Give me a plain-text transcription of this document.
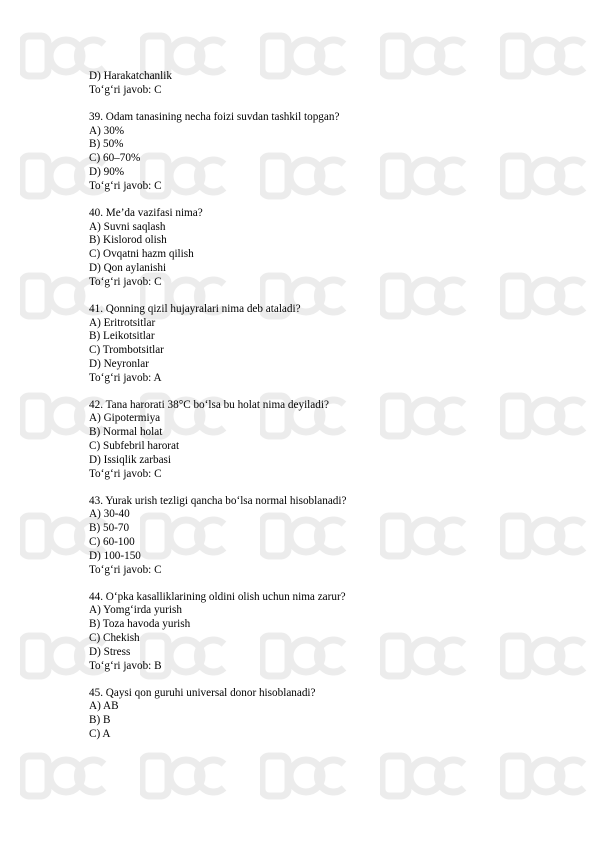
D) Harakatchanlik
To‘g‘ri javob: C
39. Odam tanasining necha foizi suvdan tashkil topgan?
A) 30%
B) 50%
C) 60–70%
D) 90%
To‘g‘ri javob: C
40. Me’da vazifasi nima?
A) Suvni saqlash
B) Kislorod olish
C) Ovqatni hazm qilish
D) Qon aylanishi
To‘g‘ri javob: C
41. Qonning qizil hujayralari nima deb ataladi?
A) Eritrotsitlar
B) Leikotsitlar
C) Trombotsitlar
D) Neyronlar
To‘g‘ri javob: A
42. Tana harorati 38°C bo‘lsa bu holat nima deyiladi?
A) Gipotermiya
B) Normal holat
C) Subfebril harorat
D) Issiqlik zarbasi
To‘g‘ri javob: C
43. Yurak urish tezligi qancha bo‘lsa normal hisoblanadi?
A) 30-40
B) 50-70
C) 60-100
D) 100-150
To‘g‘ri javob: C
44. O‘pka kasalliklarining oldini olish uchun nima zarur?
A) Yomg‘irda yurish
B) Toza havoda yurish
C) Chekish
D) Stress
To‘g‘ri javob: B
45. Qaysi qon guruhi universal donor hisoblanadi?
A) AB
B) B
C) A
